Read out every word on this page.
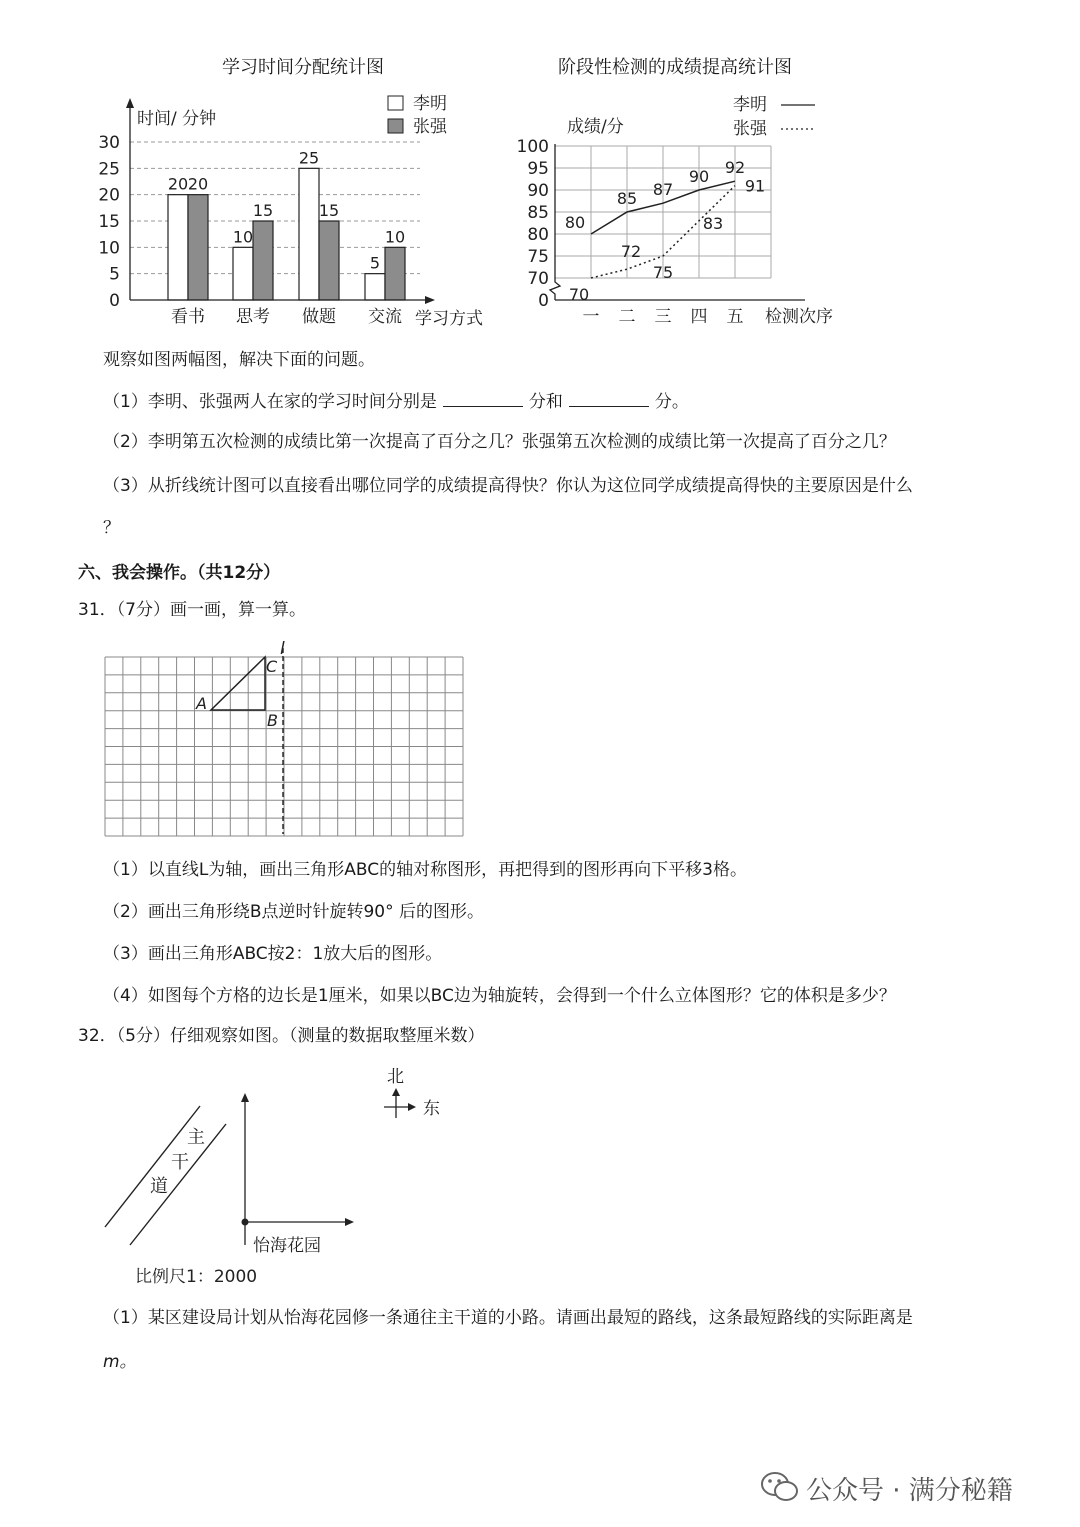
学习时间分配统计图	阶段性检测的成绩提高统计图
0
5
10
15
20
25
30
20 20
10
15
25
15
5
10
时间/ 分钟
李明
张强
看书 思考 做题 交流 学习方式
0
70
75
80
85
90
95
100
成绩/分
一 二 三 四 五 检测次序
80
85 87
90 92
70
72
75
83
91
李明
张强
观察如图两幅图，解决下面的问题。
（1）李明、张强两人在家的学习时间分别是	分和	分。
（2）李明第五次检测的成绩比第一次提高了百分之几？张强第五次检测的成绩比第一次提高了百分之几？
（3）从折线统计图可以直接看出哪位同学的成绩提高得快？你认为这位同学成绩提高得快的主要原因是什么
？
六、我会操作。（共12分）
31．（7分）画一画，算一算。
l
A
B
C
（1）以直线L为轴，画出三角形ABC的轴对称图形，再把得到的图形再向下平移3格。
（2）画出三角形绕B点逆时针旋转90° 后的图形。
（3）画出三角形ABC按2：1放大后的图形。
（4）如图每个方格的边长是1厘米，如果以BC边为轴旋转，会得到一个什么立体图形？它的体积是多少？
32．（5分）仔细观察如图。（测量的数据取整厘米数）
北
东
主
干
道
怡海花园
比例尺1：2000
（1）某区建设局计划从怡海花园修一条通往主干道的小路。请画出最短的路线，这条最短路线的实际距离是
m。
公众号 · 满分秘籍
